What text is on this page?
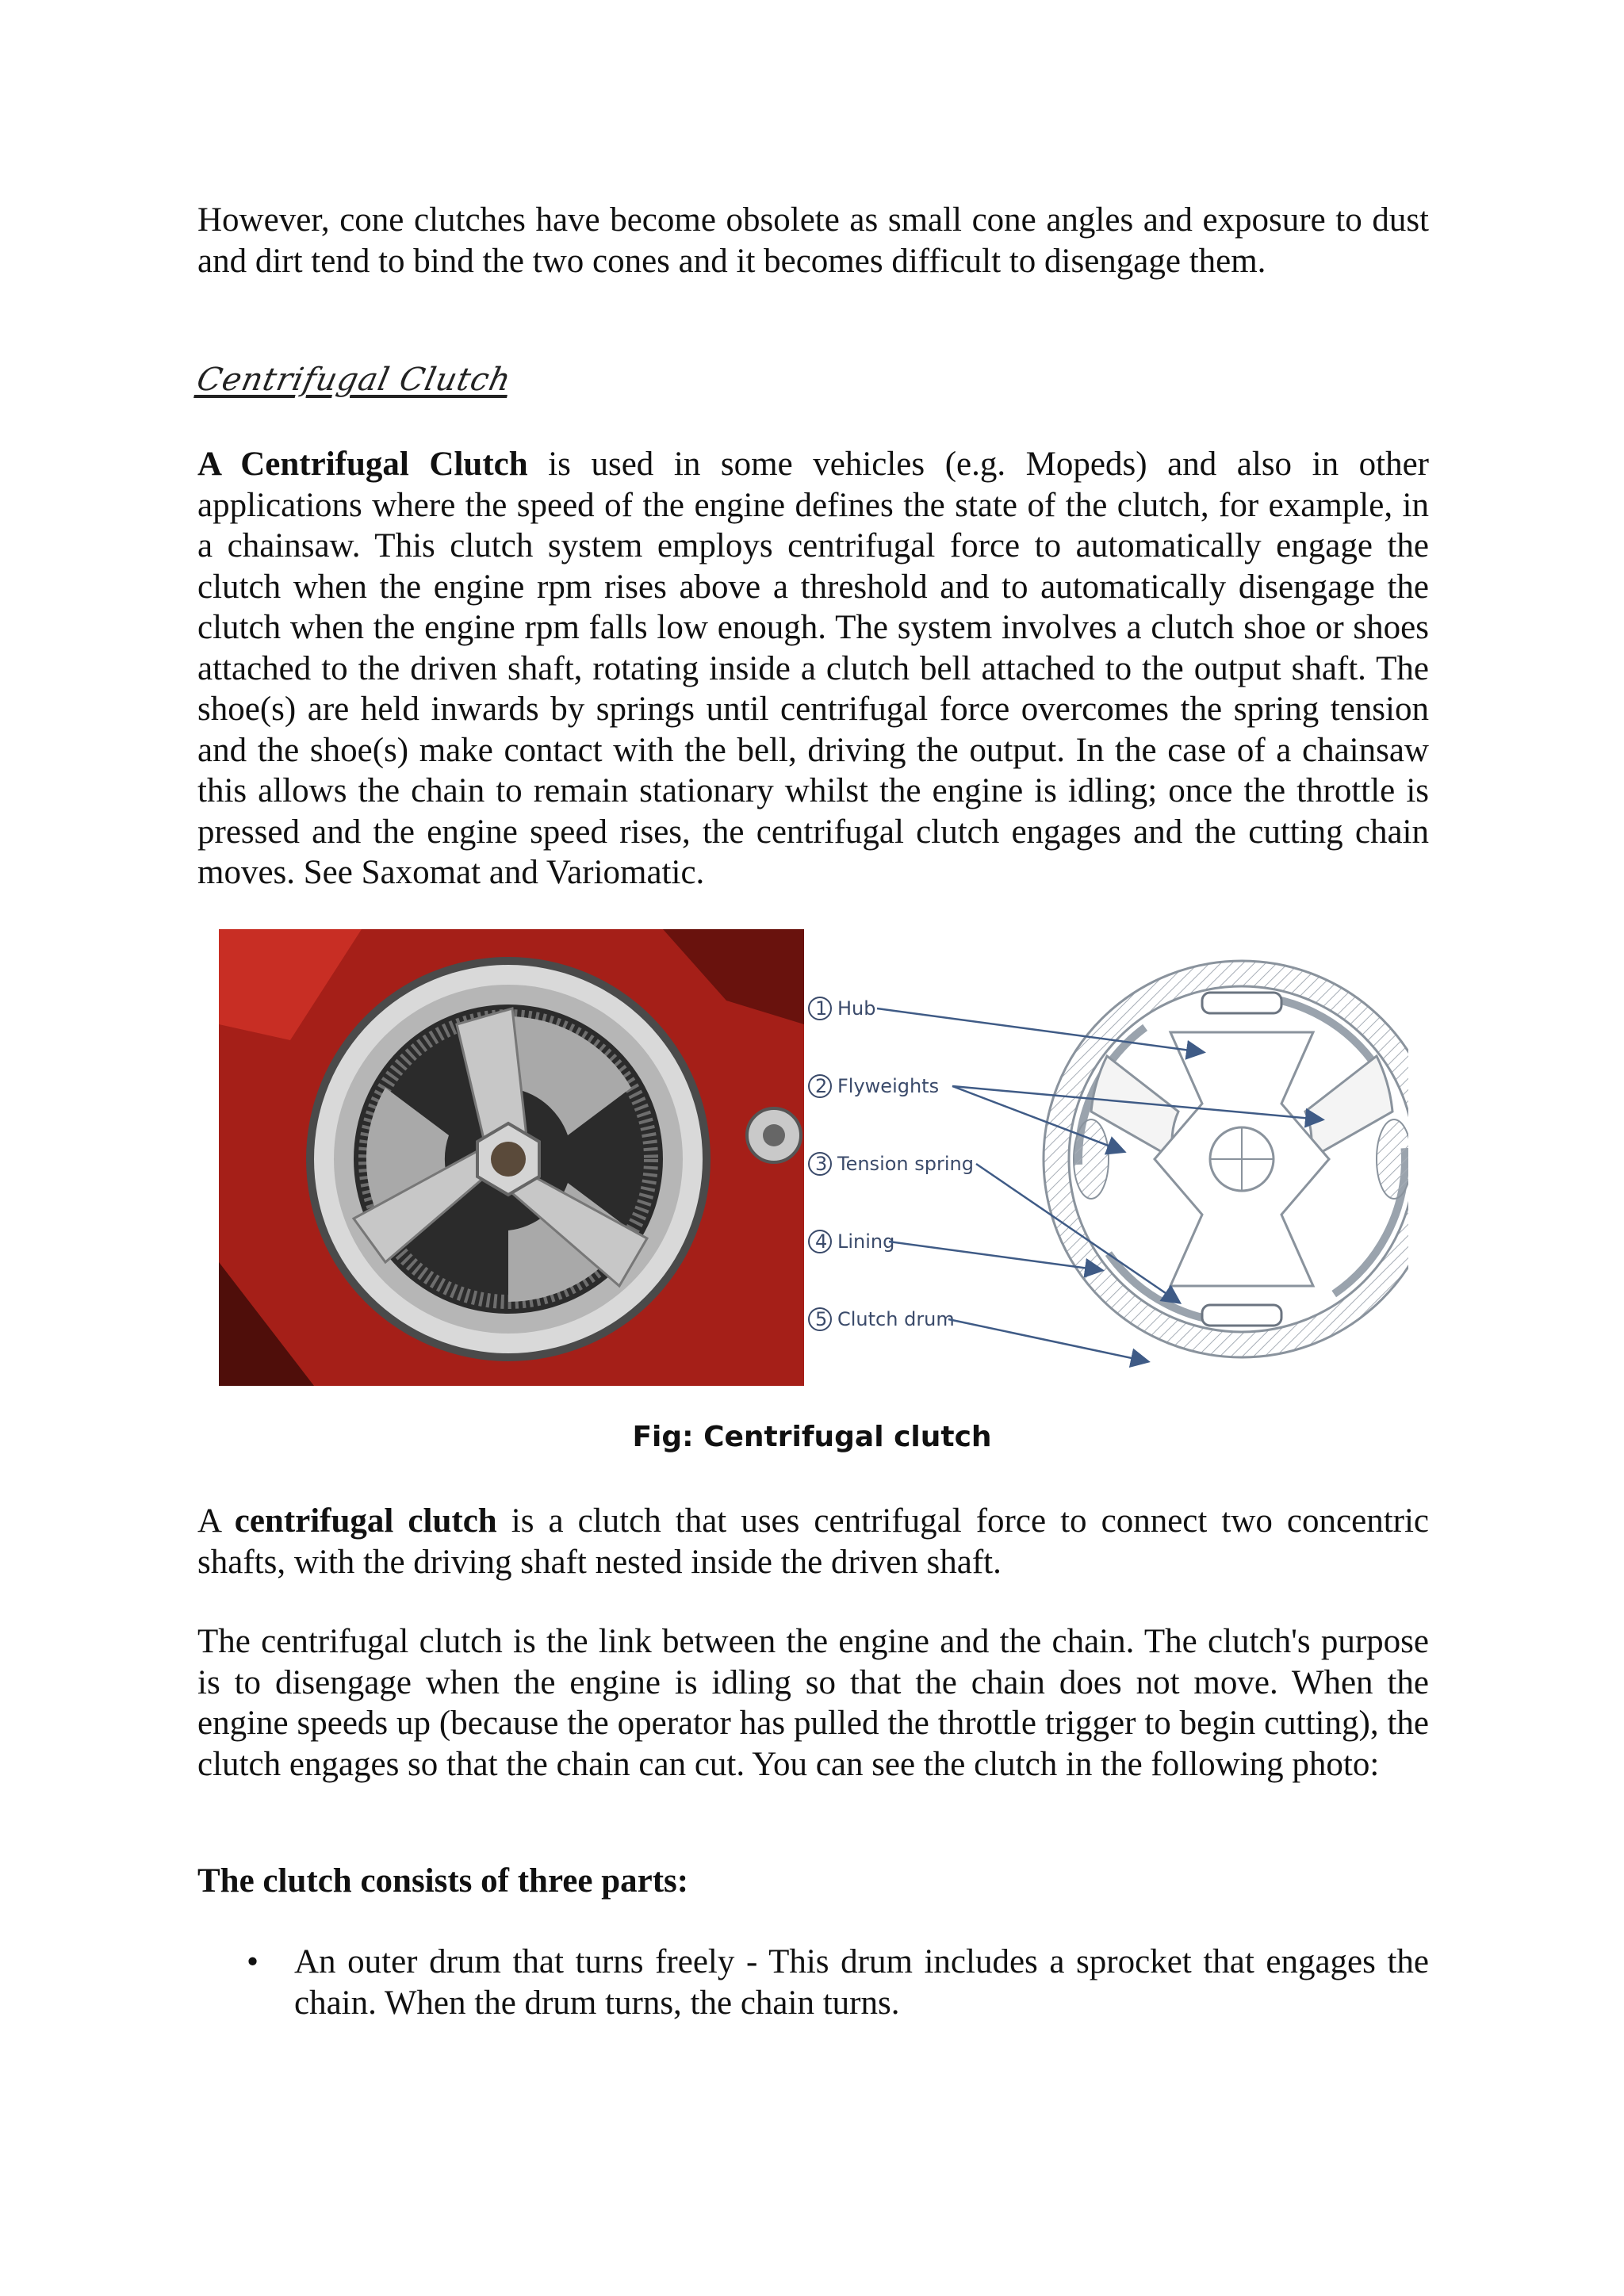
However, cone clutches have become obsolete as small cone angles and exposure to dust and dirt tend to bind the two cones and it becomes difficult to disengage them.

Centrifugal Clutch

A Centrifugal Clutch is used in some vehicles (e.g. Mopeds) and also in other applications where the speed of the engine defines the state of the clutch, for example, in a chainsaw. This clutch system employs centrifugal force to automatically engage the clutch when the engine rpm rises above a threshold and to automatically disengage the clutch when the engine rpm falls low enough. The system involves a clutch shoe or shoes attached to the driven shaft, rotating inside a clutch bell attached to the output shaft. The shoe(s) are held inwards by springs until centrifugal force overcomes the spring tension and the shoe(s) make contact with the bell, driving the output. In the case of a chainsaw this allows the chain to remain stationary whilst the engine is idling; once the throttle is pressed and the engine speed rises, the centrifugal clutch engages and the cutting chain moves. See Saxomat and Variomatic.

1 Hub
2 Flyweights
3 Tension spring
4 Lining
5 Clutch drum
Fig: Centrifugal clutch

A centrifugal clutch is a clutch that uses centrifugal force to connect two concentric shafts, with the driving shaft nested inside the driven shaft.

The centrifugal clutch is the link between the engine and the chain. The clutch's purpose is to disengage when the engine is idling so that the chain does not move. When the engine speeds up (because the operator has pulled the throttle trigger to begin cutting), the clutch engages so that the chain can cut. You can see the clutch in the following photo:

The clutch consists of three parts:
• An outer drum that turns freely - This drum includes a sprocket that engages the chain. When the drum turns, the chain turns.
